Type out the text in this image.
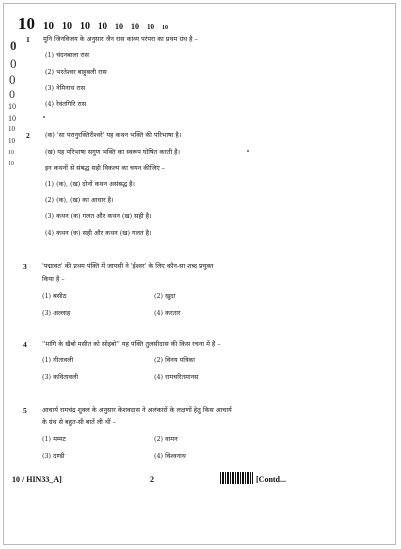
10 10 10 10 10 10 10 10 10
0
0
0
0
10
10
10
10
10
10
1 मुनि जिनविजय के अनुसार जैन रास काव्य परंपरा का प्रथम ग्रंथ है –
(1) चंदनबाला रास
(2) भरतेश्वर बाहुबली रास
(3) नेमिनाथ रास
(4) रेवंतगिरि रास
2 (क) 'सा परानुरक्तिरीश्वरे' यह कथन भक्ति की परिभाषा है।
(ख) यह परिभाषा सगुण भक्ति का स्वरूप घोषित करती है।
इन कथनों से संबद्ध सही विकल्प का चयन कीजिए –
(1) (क), (ख) दोनों कथन असंबद्ध है।
(2) (क), (ख) का आधार है।
(3) कथन (क) गलत और कथन (ख) सही है।
(4) कथन (क) सही और कथन (ख) गलत है।
3 'पद्मावत' की प्रथम पंक्ति में जायसी ने 'ईश्वर' के लिए कौन-सा शब्द प्रयुक्त
किया है –
(1) बसीठ	(2) खुदा
(3) अल्लाह	(4) करतार
4 ''मांगि के खैबो मसीत को सोइबो'' यह पंक्ति तुलसीदास की किस रचना में है –
(1) गीतावली	(2) विनय पत्रिका
(3) कवितावली	(4) रामचरितमानस
5 आचार्य रामचंद्र शुक्ल के अनुसार केशवदास ने अलंकारों के लक्षणों हेतु किस आचार्य
के ग्रंथ से बहुत-सी बातें ली थीं –
(1) मम्मट	(2) वामन
(3) दण्डी	(4) विश्वनाथ
10 / HIN33_A]	2	[Contd...
